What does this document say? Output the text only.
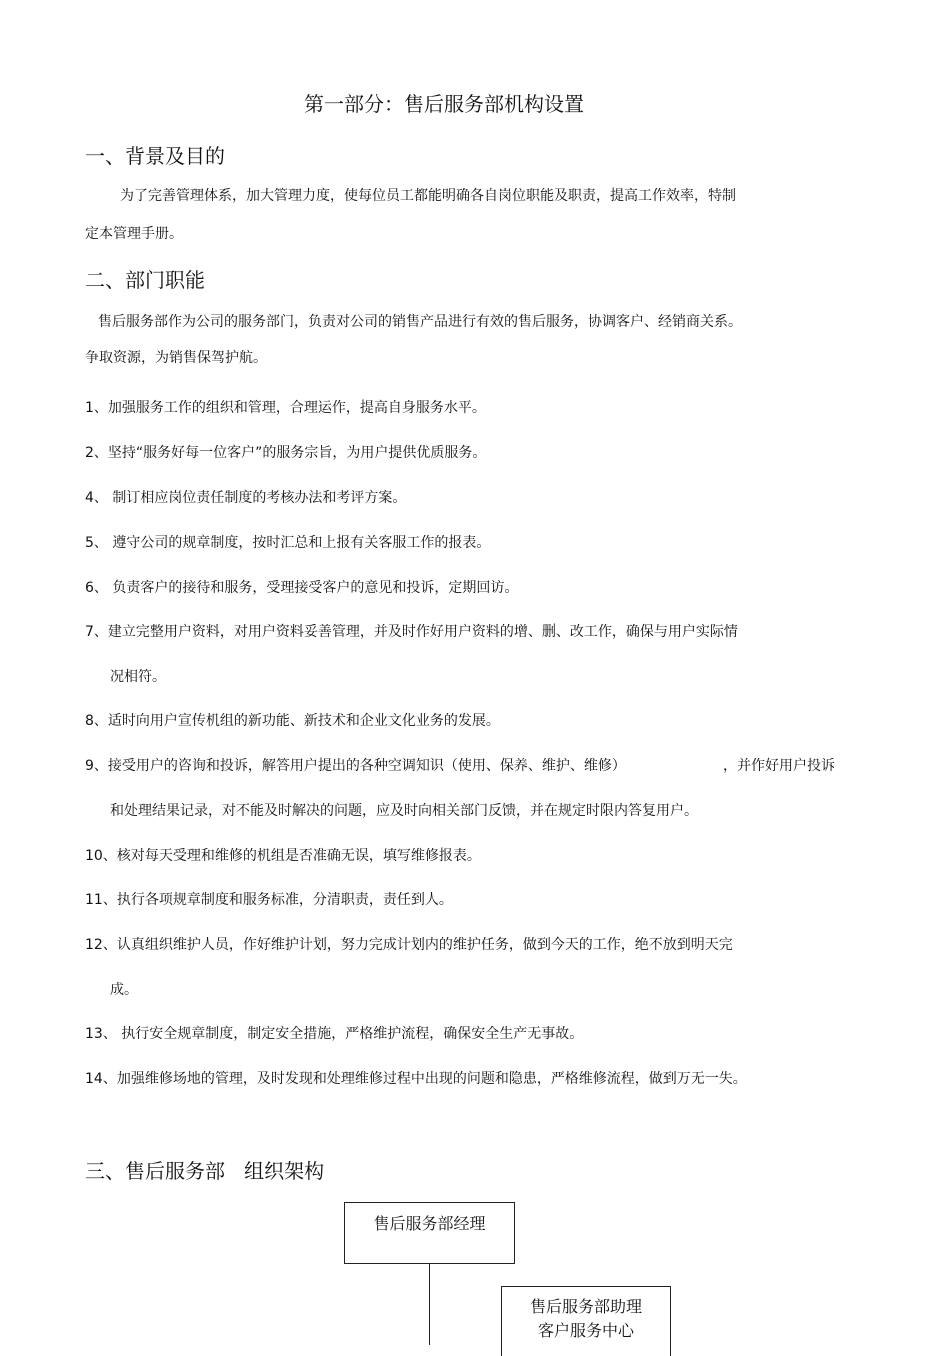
第一部分：售后服务部机构设置
一、背景及目的
为了完善管理体系，加大管理力度，使每位员工都能明确各自岗位职能及职责，提高工作效率，特制
定本管理手册。
二、部门职能
售后服务部作为公司的服务部门，负责对公司的销售产品进行有效的售后服务，协调客户、经销商关系。
争取资源，为销售保驾护航。
1、加强服务工作的组织和管理，合理运作，提高自身服务水平。
2、坚持“服务好每一位客户”的服务宗旨，为用户提供优质服务。
4、 制订相应岗位责任制度的考核办法和考评方案。
5、 遵守公司的规章制度，按时汇总和上报有关客服工作的报表。
6、 负责客户的接待和服务，受理接受客户的意见和投诉，定期回访。
7、建立完整用户资料，对用户资料妥善管理，并及时作好用户资料的增、删、改工作，确保与用户实际情
况相符。
8、适时向用户宣传机组的新功能、新技术和企业文化业务的发展。
9、接受用户的咨询和投诉，解答用户提出的各种空调知识（使用、保养、维护、维修）	，并作好用户投诉
和处理结果记录，对不能及时解决的问题，应及时向相关部门反馈，并在规定时限内答复用户。
10、核对每天受理和维修的机组是否准确无误，填写维修报表。
11、执行各项规章制度和服务标准，分清职责，责任到人。
12、认真组织维护人员，作好维护计划，努力完成计划内的维护任务，做到今天的工作，绝不放到明天完
成。
13、 执行安全规章制度，制定安全措施，严格维护流程，确保安全生产无事故。
14、加强维修场地的管理，及时发现和处理维修过程中出现的问题和隐患，严格维修流程，做到万无一失。
三、售后服务部   组织架构
售后服务部经理
售后服务部助理
客户服务中心
